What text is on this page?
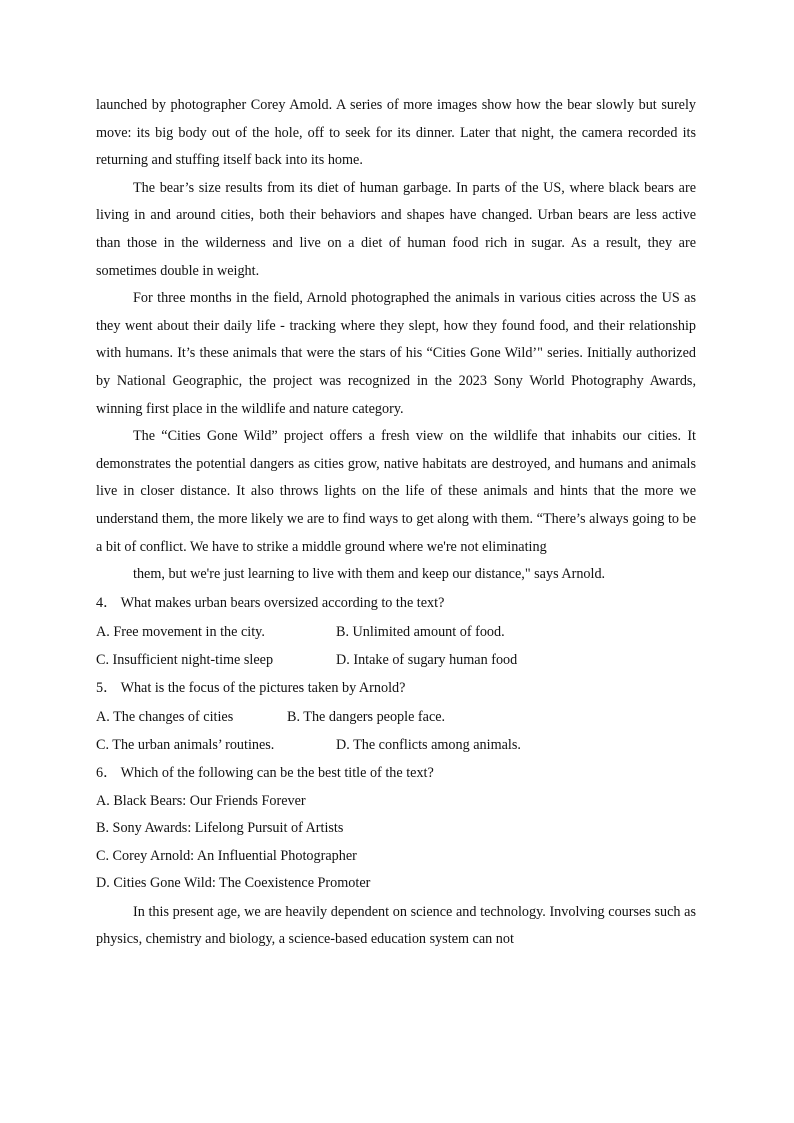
launched by photographer Corey Amold. A series of more images show how the bear slowly but surely move: its big body out of the hole, off to seek for its dinner. Later that night, the camera recorded its returning and stuffing itself back into its home.

The bear’s size results from its diet of human garbage. In parts of the US, where black bears are living in and around cities, both their behaviors and shapes have changed. Urban bears are less active than those in the wilderness and live on a diet of human food rich in sugar. As a result, they are sometimes double in weight.

For three months in the field, Arnold photographed the animals in various cities across the US as they went about their daily life - tracking where they slept, how they found food, and their relationship with humans. It’s these animals that were the stars of his “Cities Gone Wild’" series. Initially authorized by National Geographic, the project was recognized in the 2023 Sony World Photography Awards, winning first place in the wildlife and nature category.

The “Cities Gone Wild” project offers a fresh view on the wildlife that inhabits our cities. It demonstrates the potential dangers as cities grow, native habitats are destroyed, and humans and animals live in closer distance. It also throws lights on the life of these animals and hints that the more we understand them, the more likely we are to find ways to get along with them. “There’s always going to be a bit of conflict. We have to strike a middle ground where we're not eliminating

them, but we're just learning to live with them and keep our distance," says Arnold.

4． What makes urban bears oversized according to the text?

A. Free movement in the city.	B. Unlimited amount of food.
C. Insufficient night-time sleep	D. Intake of sugary human food

5． What is the focus of the pictures taken by Arnold?

A. The changes of cities	B. The dangers people face.
C. The urban animals’ routines.	D. The conflicts among animals.

6． Which of the following can be the best title of the text?

A. Black Bears: Our Friends Forever

B. Sony Awards: Lifelong Pursuit of Artists

C. Corey Arnold: An Influential Photographer

D. Cities Gone Wild: The Coexistence Promoter

In this present age, we are heavily dependent on science and technology. Involving courses such as physics, chemistry and biology, a science-based education system can not
